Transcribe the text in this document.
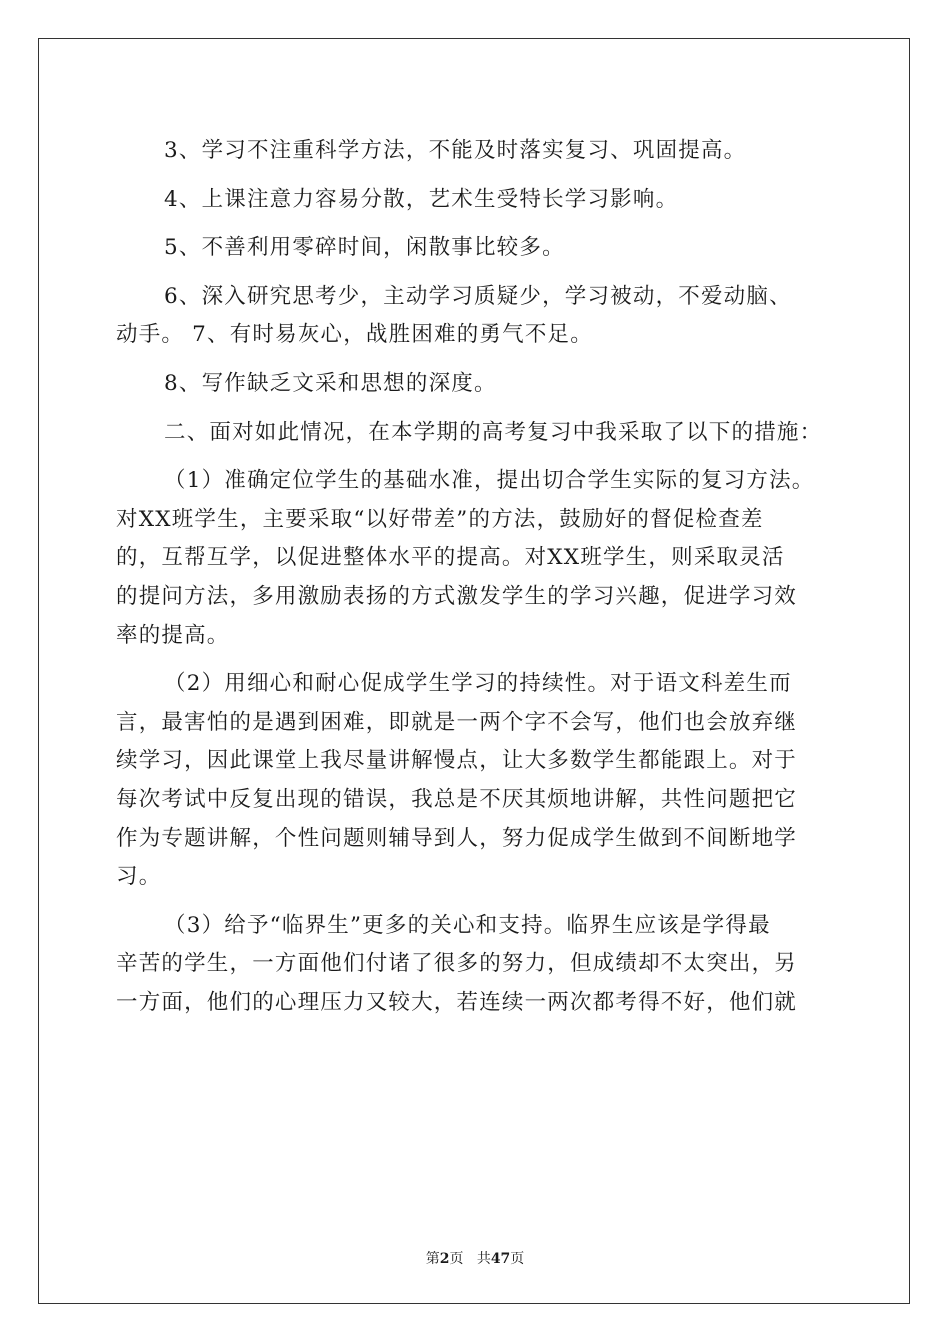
3、学习不注重科学方法，不能及时落实复习、巩固提高。

4、上课注意力容易分散，艺术生受特长学习影响。

5、不善利用零碎时间，闲散事比较多。

6、深入研究思考少，主动学习质疑少，学习被动，不爱动脑、
动手。 7、有时易灰心，战胜困难的勇气不足。

8、写作缺乏文采和思想的深度。

二、面对如此情况，在本学期的高考复习中我采取了以下的措施：

（1）准确定位学生的基础水准，提出切合学生实际的复习方法。
对XX班学生，主要采取“以好带差”的方法，鼓励好的督促检查差
的，互帮互学，以促进整体水平的提高。对XX班学生，则采取灵活
的提问方法，多用激励表扬的方式激发学生的学习兴趣，促进学习效
率的提高。

（2）用细心和耐心促成学生学习的持续性。对于语文科差生而
言，最害怕的是遇到困难，即就是一两个字不会写，他们也会放弃继
续学习，因此课堂上我尽量讲解慢点，让大多数学生都能跟上。对于
每次考试中反复出现的错误，我总是不厌其烦地讲解，共性问题把它
作为专题讲解，个性问题则辅导到人，努力促成学生做到不间断地学
习。

（3）给予“临界生”更多的关心和支持。临界生应该是学得最
辛苦的学生，一方面他们付诸了很多的努力，但成绩却不太突出，另
一方面，他们的心理压力又较大，若连续一两次都考得不好，他们就

第2页 共47页
